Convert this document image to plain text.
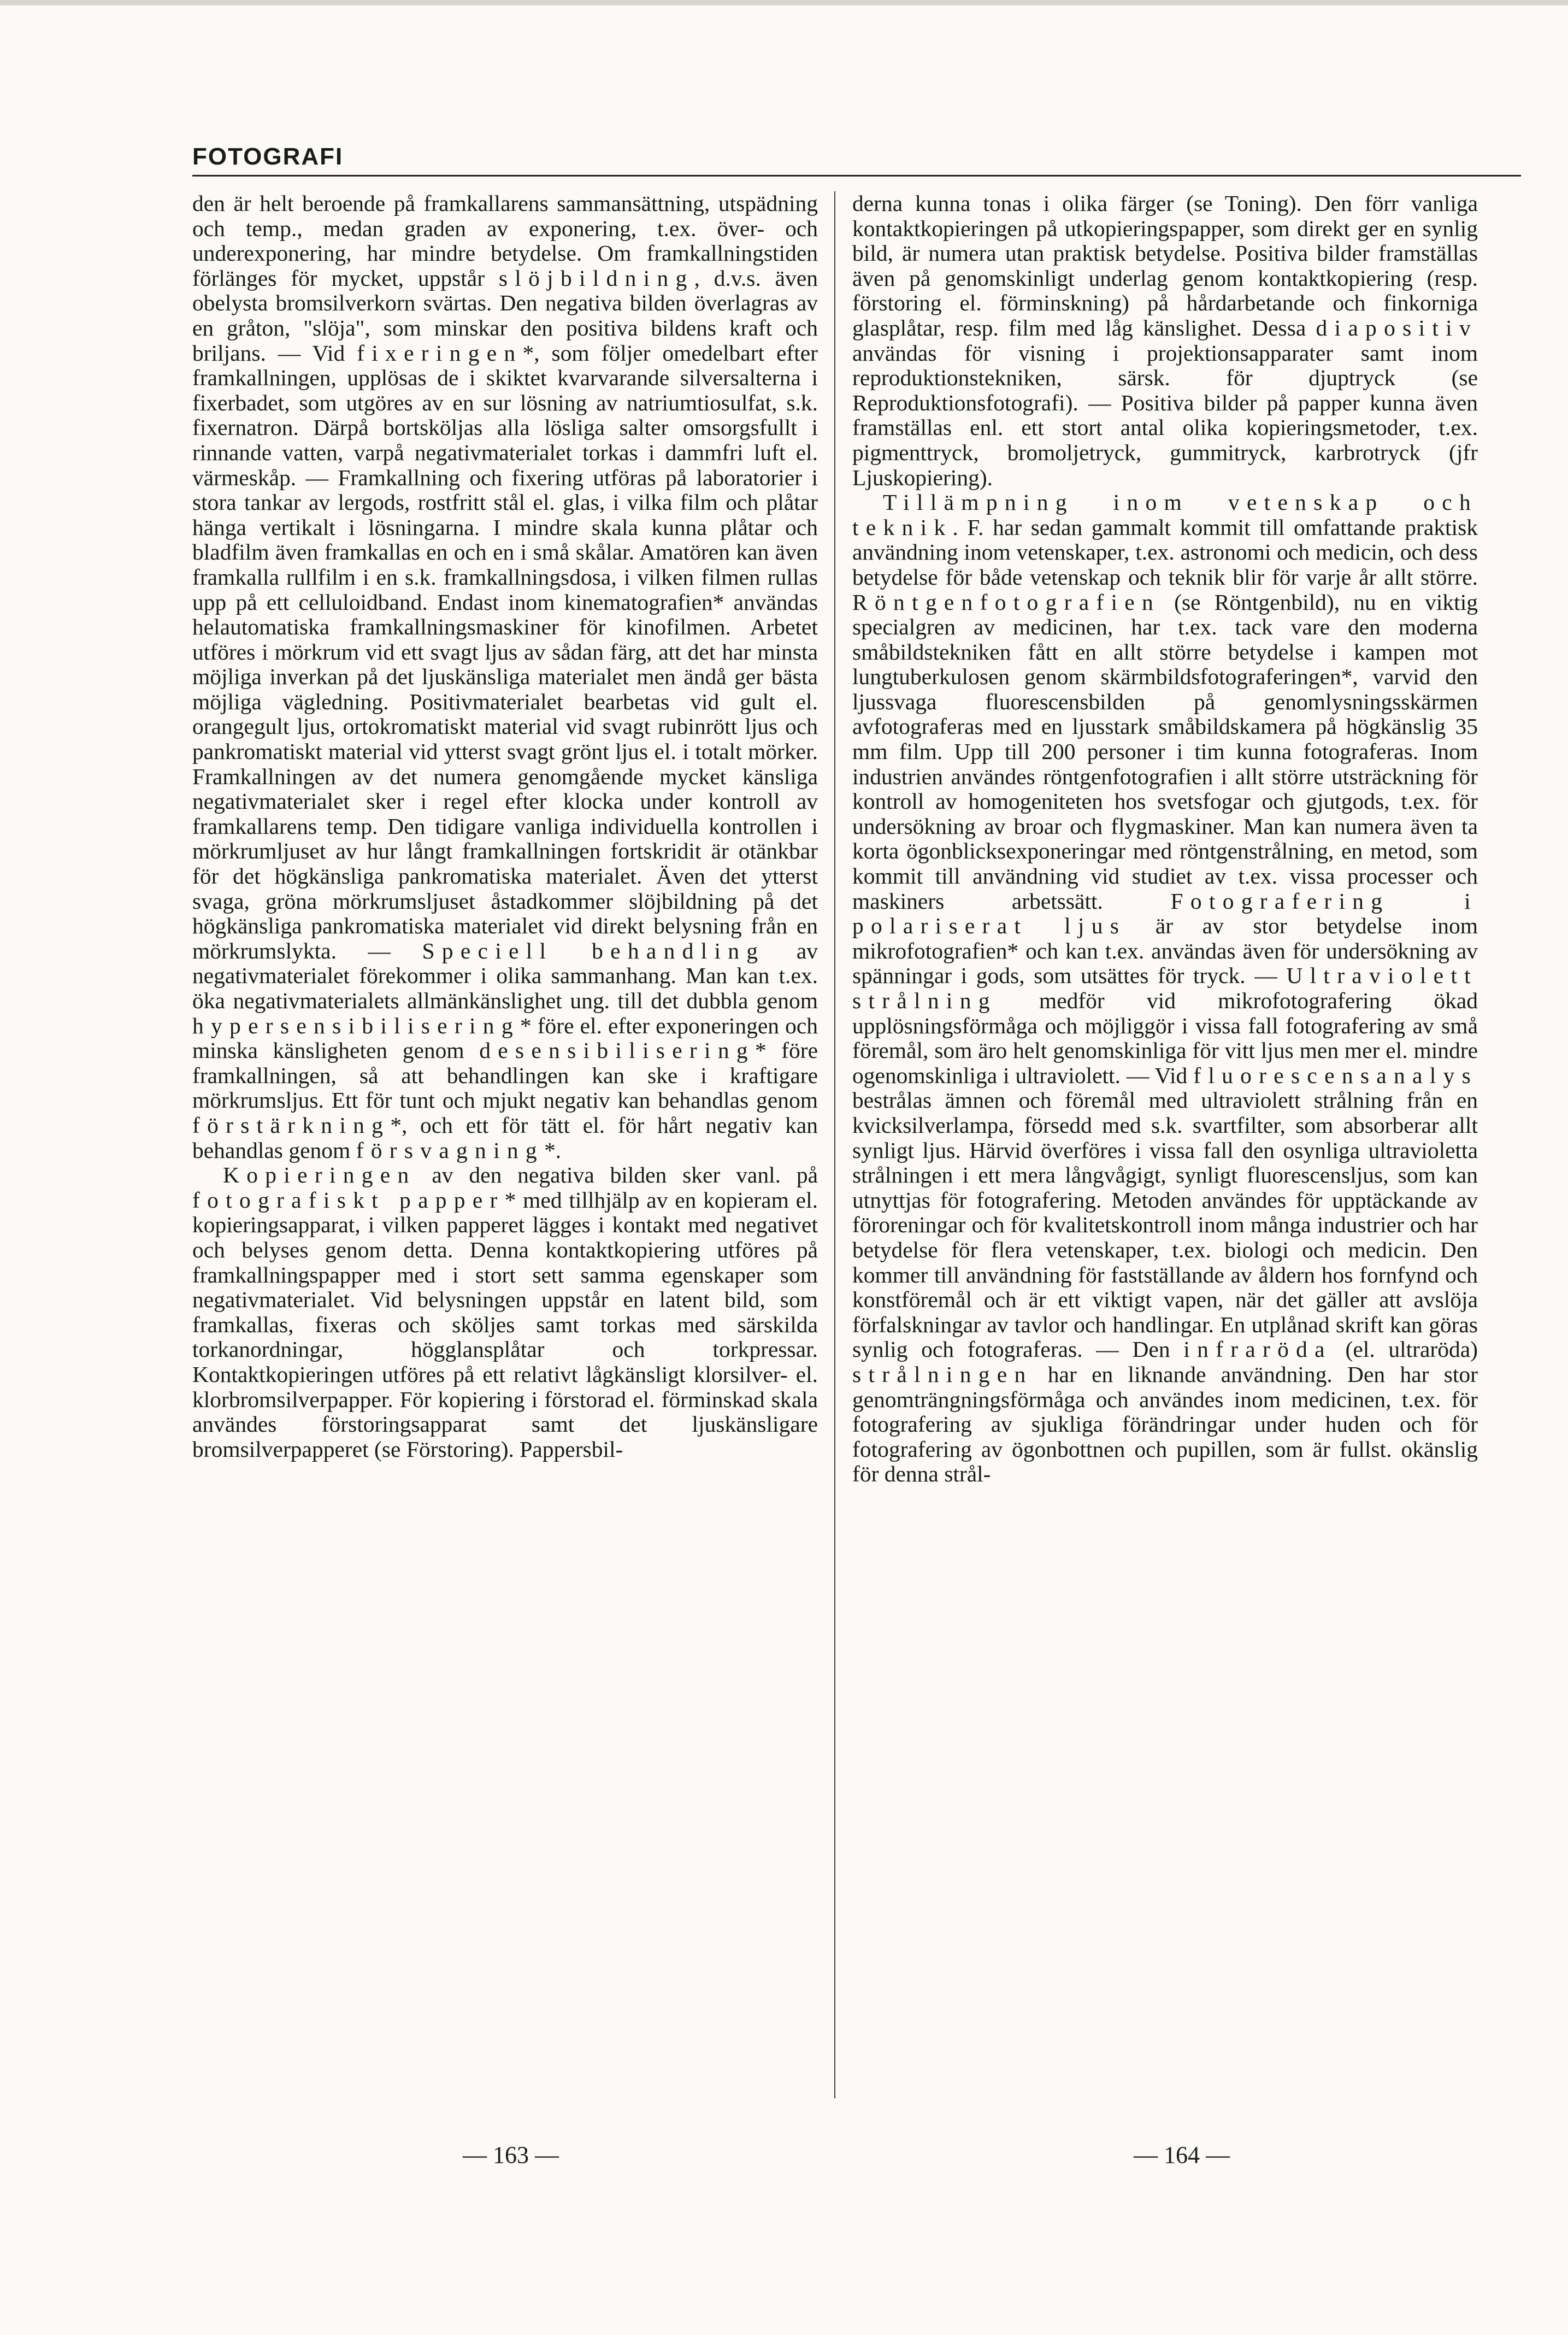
FOTOGRAFI

den är helt beroende på framkallarens sammansättning, utspädning och temp., medan graden av exponering, t.ex. över- och underexponering, har mindre betydelse. Om framkallningstiden förlänges för mycket, uppstår slöjbildning, d.v.s. även obelysta bromsilverkorn svärtas. Den negativa bilden överlagras av en gråton, "slöja", som minskar den positiva bildens kraft och briljans. — Vid fixeringen*, som följer omedelbart efter framkallningen, upplösas de i skiktet kvarvarande silversalterna i fixerbadet, som utgöres av en sur lösning av natriumtiosulfat, s.k. fixernatron. Därpå bortsköljas alla lösliga salter omsorgsfullt i rinnande vatten, varpå negativmaterialet torkas i dammfri luft el. värmeskåp. — Framkallning och fixering utföras på laboratorier i stora tankar av lergods, rostfritt stål el. glas, i vilka film och plåtar hänga vertikalt i lösningarna. I mindre skala kunna plåtar och bladfilm även framkallas en och en i små skålar. Amatören kan även framkalla rullfilm i en s.k. framkallningsdosa, i vilken filmen rullas upp på ett celluloidband. Endast inom kinematografien* användas helautomatiska framkallningsmaskiner för kinofilmen. Arbetet utföres i mörkrum vid ett svagt ljus av sådan färg, att det har minsta möjliga inverkan på det ljuskänsliga materialet men ändå ger bästa möjliga vägledning. Positivmaterialet bearbetas vid gult el. orangegult ljus, ortokromatiskt material vid svagt rubinrött ljus och pankromatiskt material vid ytterst svagt grönt ljus el. i totalt mörker. Framkallningen av det numera genomgående mycket känsliga negativmaterialet sker i regel efter klocka under kontroll av framkallarens temp. Den tidigare vanliga individuella kontrollen i mörkrumljuset av hur långt framkallningen fortskridit är otänkbar för det högkänsliga pankromatiska materialet. Även det ytterst svaga, gröna mörkrumsljuset åstadkommer slöjbildning på det högkänsliga pankromatiska materialet vid direkt belysning från en mörkrumslykta. — Speciell behandling av negativmaterialet förekommer i olika sammanhang. Man kan t.ex. öka negativmaterialets allmänkänslighet ung. till det dubbla genom hypersensibilisering* före el. efter exponeringen och minska känsligheten genom desensibilisering* före framkallningen, så att behandlingen kan ske i kraftigare mörkrumsljus. Ett för tunt och mjukt negativ kan behandlas genom förstärkning*, och ett för tätt el. för hårt negativ kan behandlas genom försvagning*.

Kopieringen av den negativa bilden sker vanl. på fotografiskt papper* med tillhjälp av en kopieram el. kopieringsapparat, i vilken papperet lägges i kontakt med negativet och belyses genom detta. Denna kontaktkopiering utföres på framkallningspapper med i stort sett samma egenskaper som negativmaterialet. Vid belysningen uppstår en latent bild, som framkallas, fixeras och sköljes samt torkas med särskilda torkanordningar, högglansplåtar och torkpressar. Kontaktkopieringen utföres på ett relativt lågkänsligt klorsilver- el. klorbromsilverpapper. För kopiering i förstorad el. förminskad skala användes förstoringsapparat samt det ljuskänsligare bromsilverpapperet (se Förstoring). Pappersbil-

derna kunna tonas i olika färger (se Toning). Den förr vanliga kontaktkopieringen på utkopieringspapper, som direkt ger en synlig bild, är numera utan praktisk betydelse. Positiva bilder framställas även på genomskinligt underlag genom kontaktkopiering (resp. förstoring el. förminskning) på hårdarbetande och finkorniga glasplåtar, resp. film med låg känslighet. Dessa diapositiv användas för visning i projektionsapparater samt inom reproduktionstekniken, särsk. för djuptryck (se Reproduktionsfotografi). — Positiva bilder på papper kunna även framställas enl. ett stort antal olika kopieringsmetoder, t.ex. pigmenttryck, bromoljetryck, gummitryck, karbrotryck (jfr Ljuskopiering).

Tillämpning inom vetenskap och teknik. F. har sedan gammalt kommit till omfattande praktisk användning inom vetenskaper, t.ex. astronomi och medicin, och dess betydelse för både vetenskap och teknik blir för varje år allt större. Röntgenfotografien (se Röntgenbild), nu en viktig specialgren av medicinen, har t.ex. tack vare den moderna småbildstekniken fått en allt större betydelse i kampen mot lungtuberkulosen genom skärmbildsfotograferingen*, varvid den ljussvaga fluorescensbilden på genomlysningsskärmen avfotograferas med en ljusstark småbildskamera på högkänslig 35 mm film. Upp till 200 personer i tim kunna fotograferas. Inom industrien användes röntgenfotografien i allt större utsträckning för kontroll av homogeniteten hos svetsfogar och gjutgods, t.ex. för undersökning av broar och flygmaskiner. Man kan numera även ta korta ögonblicksexponeringar med röntgenstrålning, en metod, som kommit till användning vid studiet av t.ex. vissa processer och maskiners arbetssätt. Fotografering i polariserat ljus är av stor betydelse inom mikrofotografien* och kan t.ex. användas även för undersökning av spänningar i gods, som utsättes för tryck. — Ultraviolett strålning medför vid mikrofotografering ökad upplösningsförmåga och möjliggör i vissa fall fotografering av små föremål, som äro helt genomskinliga för vitt ljus men mer el. mindre ogenomskinliga i ultraviolett. — Vid fluorescensanalys bestrålas ämnen och föremål med ultraviolett strålning från en kvicksilverlampa, försedd med s.k. svartfilter, som absorberar allt synligt ljus. Härvid överföres i vissa fall den osynliga ultravioletta strålningen i ett mera långvågigt, synligt fluorescensljus, som kan utnyttjas för fotografering. Metoden användes för upptäckande av föroreningar och för kvalitetskontroll inom många industrier och har betydelse för flera vetenskaper, t.ex. biologi och medicin. Den kommer till användning för fastställande av åldern hos fornfynd och konstföremål och är ett viktigt vapen, när det gäller att avslöja förfalskningar av tavlor och handlingar. En utplånad skrift kan göras synlig och fotograferas. — Den infraröda (el. ultraröda) strålningen har en liknande användning. Den har stor genomträngningsförmåga och användes inom medicinen, t.ex. för fotografering av sjukliga förändringar under huden och för fotografering av ögonbottnen och pupillen, som är fullst. okänslig för denna strål-

— 163 —	— 164 —
